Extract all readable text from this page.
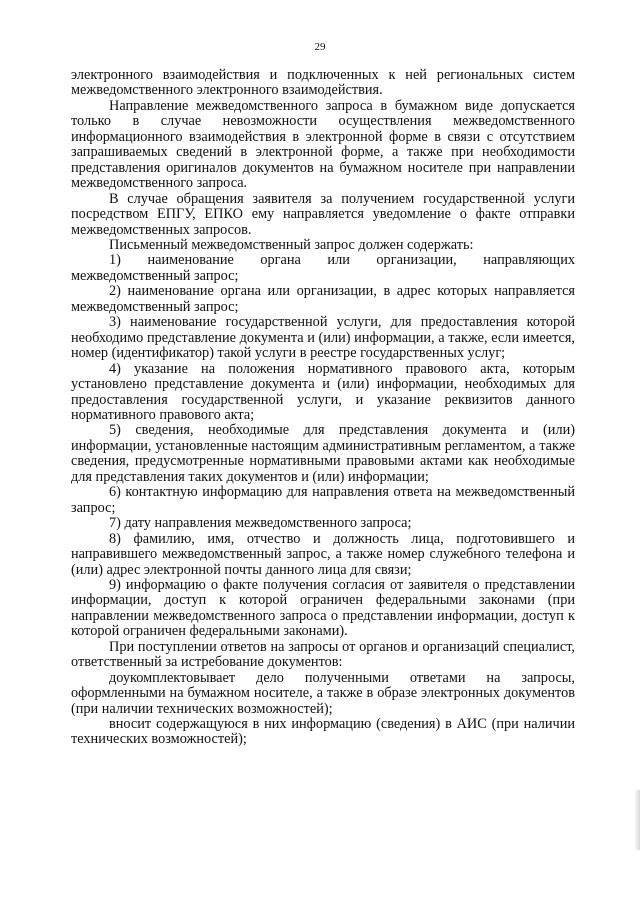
29

электронного взаимодействия и подключенных к ней региональных систем межведомственного электронного взаимодействия.

Направление межведомственного запроса в бумажном виде допускается только в случае невозможности осуществления межведомственного информационного взаимодействия в электронной форме в связи с отсутствием запрашиваемых сведений в электронной форме, а также при необходимости представления оригиналов документов на бумажном носителе при направлении межведомственного запроса.

В случае обращения заявителя за получением государственной услуги посредством ЕПГУ, ЕПКО ему направляется уведомление о факте отправки межведомственных запросов.

Письменный межведомственный запрос должен содержать:

1) наименование органа или организации, направляющих межведомственный запрос;

2) наименование органа или организации, в адрес которых направляется межведомственный запрос;

3) наименование государственной услуги, для предоставления которой необходимо представление документа и (или) информации, а также, если имеется, номер (идентификатор) такой услуги в реестре государственных услуг;

4) указание на положения нормативного правового акта, которым установлено представление документа и (или) информации, необходимых для предоставления государственной услуги, и указание реквизитов данного нормативного правового акта;

5) сведения, необходимые для представления документа и (или) информации, установленные настоящим административным регламентом, а также сведения, предусмотренные нормативными правовыми актами как необходимые для представления таких документов и (или) информации;

6) контактную информацию для направления ответа на межведомственный запрос;

7) дату направления межведомственного запроса;

8) фамилию, имя, отчество и должность лица, подготовившего и направившего межведомственный запрос, а также номер служебного телефона и (или) адрес электронной почты данного лица для связи;

9) информацию о факте получения согласия от заявителя о представлении информации, доступ к которой ограничен федеральными законами (при направлении межведомственного запроса о представлении информации, доступ к которой ограничен федеральными законами).

При поступлении ответов на запросы от органов и организаций специалист, ответственный за истребование документов:

доукомплектовывает дело полученными ответами на запросы, оформленными на бумажном носителе, а также в образе электронных документов (при наличии технических возможностей);

вносит содержащуюся в них информацию (сведения) в АИС (при наличии технических возможностей);
